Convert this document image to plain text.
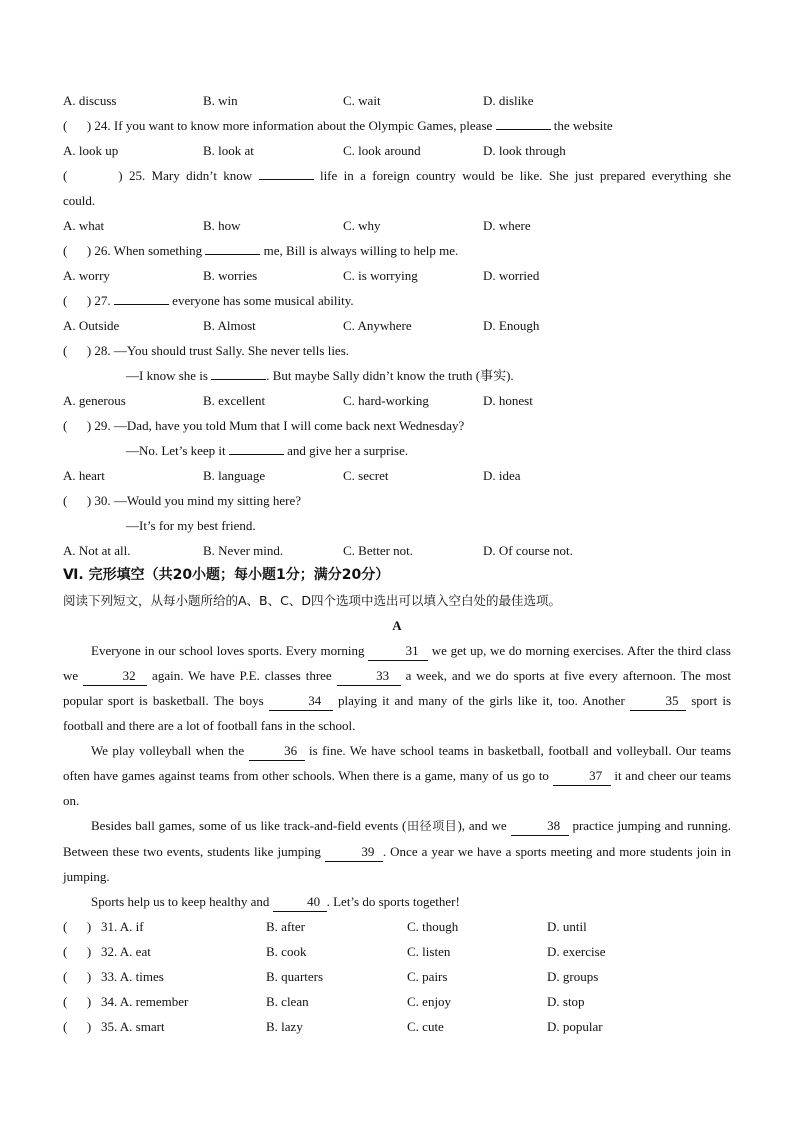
A. discuss	B. win	C. wait	D. dislike
(      ) 24. If you want to know more information about the Olympic Games, please	the website
A. look up	B. look at	C. look around	D. look through
(        ) 25. Mary didn’t know	life in a foreign country would be like. She just prepared everything she
could.
A. what	B. how	C. why	D. where
(      ) 26. When something	me, Bill is always willing to help me.
A. worry	B. worries	C. is worrying	D. worried
(      ) 27.	everyone has some musical ability.
A. Outside	B. Almost	C. Anywhere	D. Enough
(      ) 28. —You should trust Sally. She never tells lies.
—I know she is	. But maybe Sally didn’t know the truth (事实).
A. generous	B. excellent	C. hard-working	D. honest
(      ) 29. —Dad, have you told Mum that I will come back next Wednesday?
—No. Let’s keep it	and give her a surprise.
A. heart	B. language	C. secret	D. idea
(      ) 30. —Would you mind my sitting here?
—It’s for my best friend.
A. Not at all.	B. Never mind.	C. Better not.	D. Of course not.
Ⅵ. 完形填空（共20小题；每小题1分；满分20分）
阅读下列短文，从每小题所给的A、B、C、D四个选项中选出可以填入空白处的最佳选项。
A
Everyone in our school loves sports. Every morning	31 we get up, we do morning exercises. After the third class we	32 again. We have P.E. classes three	33 a week, and we do sports at five every afternoon. The most popular sport is basketball. The boys	34 playing it and many of the girls like it, too. Another	35 sport is football and there are a lot of football fans in the school.
We play volleyball when the	36 is fine. We have school teams in basketball, football and volleyball. Our teams often have games against teams from other schools. When there is a game, many of us go to	37 it and cheer our teams on.
Besides ball games, some of us like track-and-field events (田径项目), and we	38 practice jumping and running. Between these two events, students like jumping	39 . Once a year we have a sports meeting and more students join in jumping.
Sports help us to keep healthy and	40 . Let’s do sports together!
(      ) 31. A. if	B. after	C. though	D. until
(      ) 32. A. eat	B. cook	C. listen	D. exercise
(      ) 33. A. times	B. quarters	C. pairs	D. groups
(      ) 34. A. remember	B. clean	C. enjoy	D. stop
(      ) 35. A. smart	B. lazy	C. cute	D. popular
